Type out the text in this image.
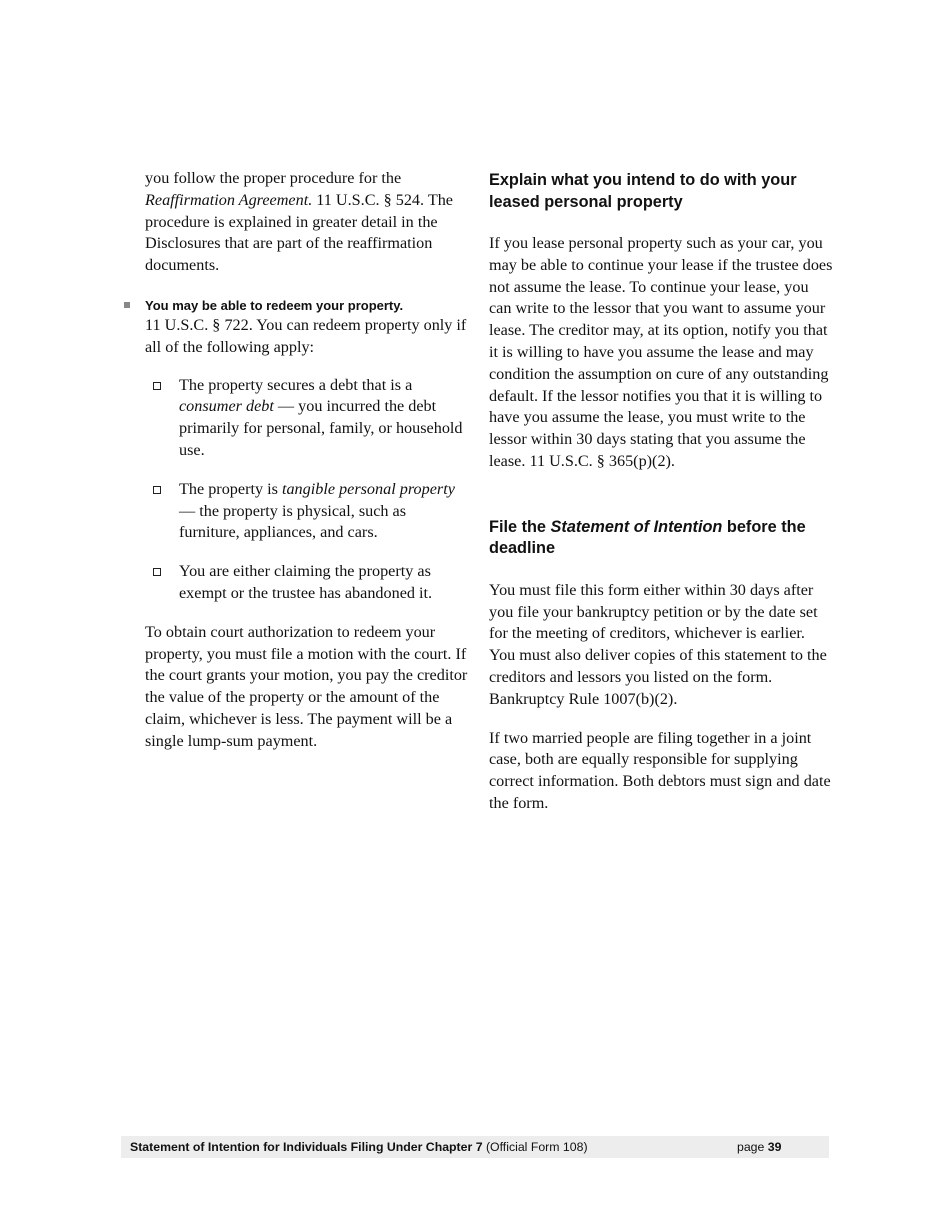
you follow the proper procedure for the Reaffirmation Agreement. 11 U.S.C. § 524. The procedure is explained in greater detail in the Disclosures that are part of the reaffirmation documents.

You may be able to redeem your property.

11 U.S.C. § 722. You can redeem property only if all of the following apply:

The property secures a debt that is a consumer debt — you incurred the debt primarily for personal, family, or household use.
The property is tangible personal property — the property is physical, such as furniture, appliances, and cars.
You are either claiming the property as exempt or the trustee has abandoned it.

To obtain court authorization to redeem your property, you must file a motion with the court. If the court grants your motion, you pay the creditor the value of the property or the amount of the claim, whichever is less. The payment will be a single lump-sum payment.

Explain what you intend to do with your leased personal property

If you lease personal property such as your car, you may be able to continue your lease if the trustee does not assume the lease. To continue your lease, you can write to the lessor that you want to assume your lease. The creditor may, at its option, notify you that it is willing to have you assume the lease and may condition the assumption on cure of any outstanding default. If the lessor notifies you that it is willing to have you assume the lease, you must write to the lessor within 30 days stating that you assume the lease. 11 U.S.C. § 365(p)(2).

File the Statement of Intention before the deadline

You must file this form either within 30 days after you file your bankruptcy petition or by the date set for the meeting of creditors, whichever is earlier. You must also deliver copies of this statement to the creditors and lessors you listed on the form. Bankruptcy Rule 1007(b)(2).

If two married people are filing together in a joint case, both are equally responsible for supplying correct information. Both debtors must sign and date the form.

Statement of Intention for Individuals Filing Under Chapter 7 (Official Form 108)	page 39
